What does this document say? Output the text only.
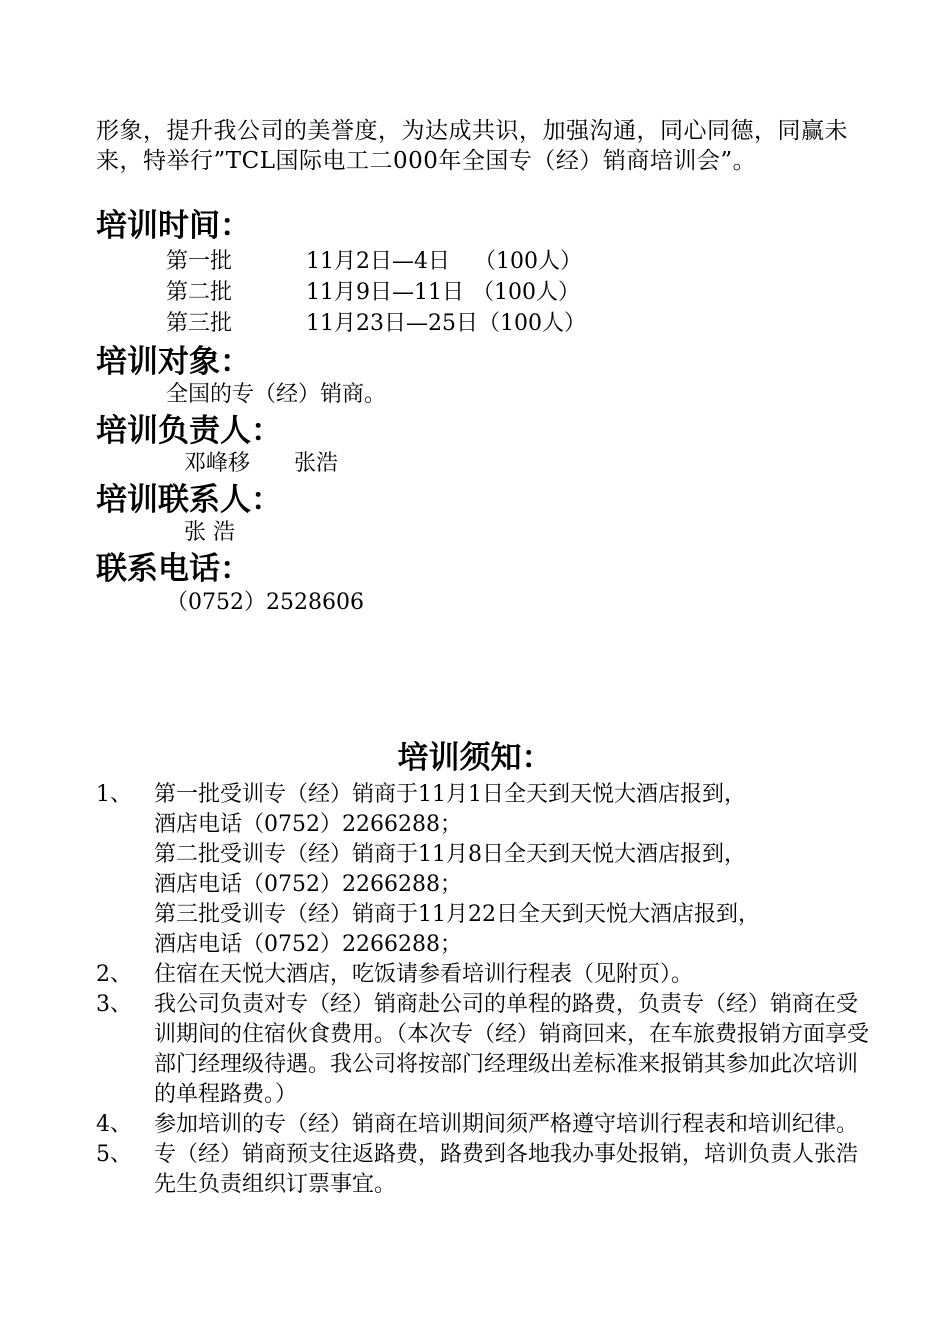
形象，提升我公司的美誉度，为达成共识，加强沟通，同心同德，同赢未来，特举行”TCL国际电工二000年全国专（经）销商培训会”。

培训时间：
第一批	11月2日—4日 （100人）
第二批	11月9日—11日 （100人）
第三批	11月23日—25日（100人）
培训对象：
全国的专（经）销商。
培训负责人：
邓峰移　　张浩
培训联系人：
张 浩
联系电话：
（0752）2528606
培训须知：
1、	第一批受训专（经）销商于11月1日全天到天悦大酒店报到，

酒店电话（0752）2266288；

第二批受训专（经）销商于11月8日全天到天悦大酒店报到，

酒店电话（0752）2266288；

第三批受训专（经）销商于11月22日全天到天悦大酒店报到，

酒店电话（0752）2266288；

2、	住宿在天悦大酒店，吃饭请参看培训行程表（见附页）。

3、	我公司负责对专（经）销商赴公司的单程的路费，负责专（经）销商在受训期间的住宿伙食费用。（本次专（经）销商回来，在车旅费报销方面享受部门经理级待遇。我公司将按部门经理级出差标准来报销其参加此次培训的单程路费。）

4、	参加培训的专（经）销商在培训期间须严格遵守培训行程表和培训纪律。

5、	专（经）销商预支往返路费，路费到各地我办事处报销，培训负责人张浩先生负责组织订票事宜。
